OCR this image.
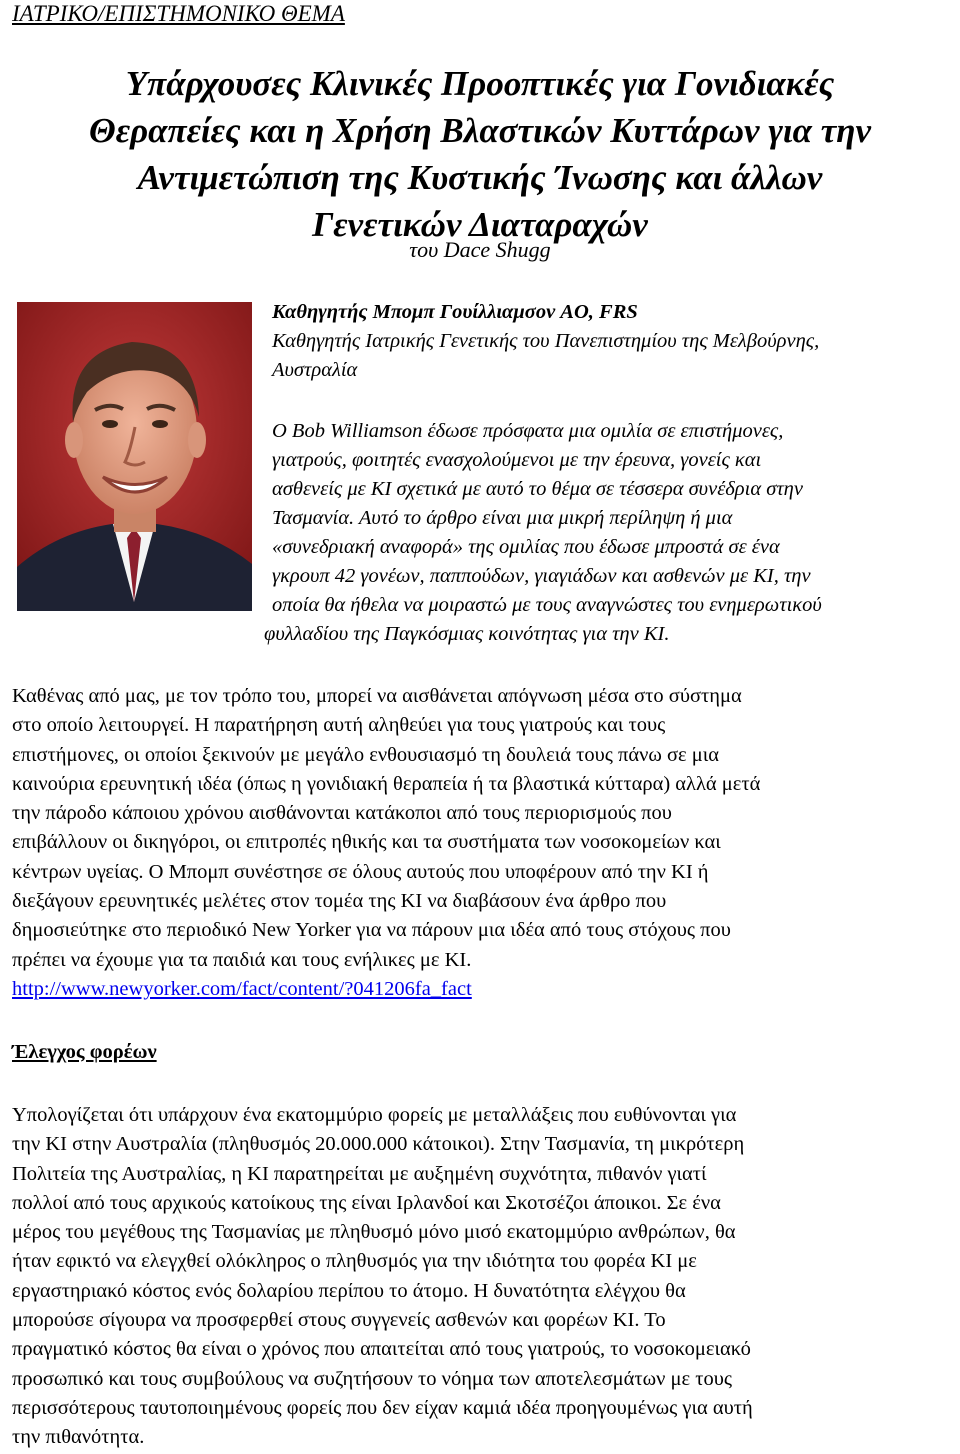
ΙΑΤΡΙΚΟ/ΕΠΙΣΤΗΜΟΝΙΚΟ ΘΕΜΑ
Υπάρχουσες Κλινικές Προοπτικές για Γονιδιακές
Θεραπείες και η Χρήση Βλαστικών Κυττάρων για την
Αντιμετώπιση της Κυστικής Ίνωσης και άλλων
Γενετικών Διαταραχών
του Dace Shugg
Καθηγητής Μπομπ Γουίλλιαμσον AO, FRS
Καθηγητής Ιατρικής Γενετικής του Πανεπιστημίου της Μελβούρνης,
Αυστραλία
Ο Bob Williamson έδωσε πρόσφατα μια ομιλία σε επιστήμονες,
γιατρούς, φοιτητές ενασχολούμενοι με την έρευνα, γονείς και
ασθενείς με ΚΙ σχετικά με αυτό το θέμα σε τέσσερα συνέδρια στην
Τασμανία. Αυτό το άρθρο είναι μια μικρή περίληψη ή μια
«συνεδριακή αναφορά» της ομιλίας που έδωσε μπροστά σε ένα
γκρουπ 42 γονέων, παππούδων, γιαγιάδων και ασθενών με ΚΙ, την
οποία θα ήθελα να μοιραστώ με τους αναγνώστες του ενημερωτικού
φυλλαδίου της Παγκόσμιας κοινότητας για την ΚΙ.
Καθένας από μας, με τον τρόπο του, μπορεί να αισθάνεται απόγνωση μέσα στο σύστημα
στο οποίο λειτουργεί. Η παρατήρηση αυτή αληθεύει για τους γιατρούς και τους
επιστήμονες, οι οποίοι ξεκινούν με μεγάλο ενθουσιασμό τη δουλειά τους πάνω σε μια
καινούρια ερευνητική ιδέα (όπως η γονιδιακή θεραπεία ή τα βλαστικά κύτταρα) αλλά μετά
την πάροδο κάποιου χρόνου αισθάνονται κατάκοποι από τους περιορισμούς που
επιβάλλουν οι δικηγόροι, οι επιτροπές ηθικής και τα συστήματα των νοσοκομείων και
κέντρων υγείας. Ο Μπομπ συνέστησε σε όλους αυτούς που υποφέρουν από την ΚΙ ή
διεξάγουν ερευνητικές μελέτες στον τομέα της ΚΙ να διαβάσουν ένα άρθρο που
δημοσιεύτηκε στο περιοδικό New Yorker για να πάρουν μια ιδέα από τους στόχους που
πρέπει να έχουμε για τα παιδιά και τους ενήλικες με ΚΙ.
http://www.newyorker.com/fact/content/?041206fa_fact
Έλεγχος φορέων
Υπολογίζεται ότι υπάρχουν ένα εκατομμύριο φορείς με μεταλλάξεις που ευθύνονται για
την ΚΙ στην Αυστραλία (πληθυσμός 20.000.000 κάτοικοι). Στην Τασμανία, τη μικρότερη
Πολιτεία της Αυστραλίας, η ΚΙ παρατηρείται με αυξημένη συχνότητα, πιθανόν γιατί
πολλοί από τους αρχικούς κατοίκους της είναι Ιρλανδοί και Σκοτσέζοι άποικοι. Σε ένα
μέρος του μεγέθους της Τασμανίας με πληθυσμό μόνο μισό εκατομμύριο ανθρώπων, θα
ήταν εφικτό να ελεγχθεί ολόκληρος ο πληθυσμός για την ιδιότητα του φορέα ΚΙ με
εργαστηριακό κόστος ενός δολαρίου περίπου το άτομο. Η δυνατότητα ελέγχου θα
μπορούσε σίγουρα να προσφερθεί στους συγγενείς ασθενών και φορέων ΚΙ. Το
πραγματικό κόστος θα είναι ο χρόνος που απαιτείται από τους γιατρούς, το νοσοκομειακό
προσωπικό και τους συμβούλους να συζητήσουν το νόημα των αποτελεσμάτων με τους
περισσότερους ταυτοποιημένους φορείς που δεν είχαν καμιά ιδέα προηγουμένως για αυτή
την πιθανότητα.
